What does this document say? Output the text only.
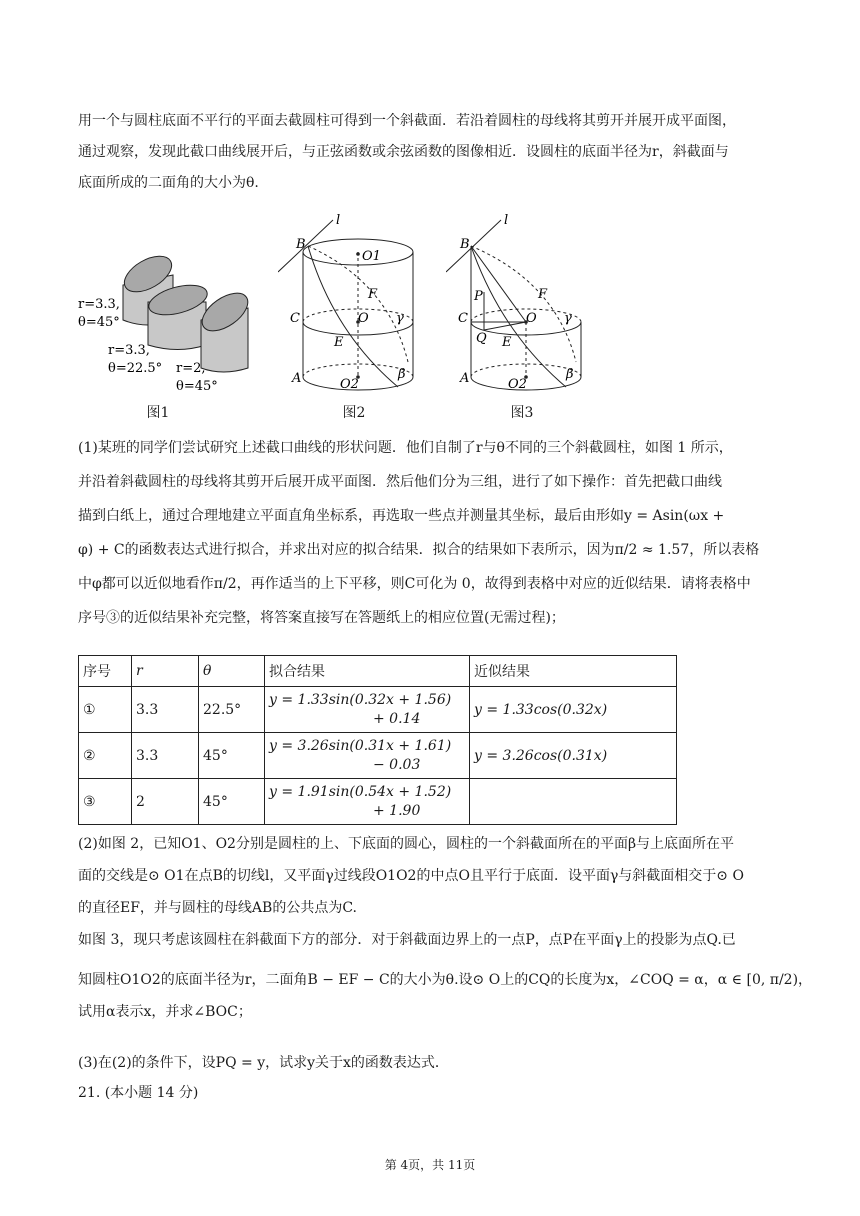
用一个与圆柱底面不平行的平面去截圆柱可得到一个斜截面．若沿着圆柱的母线将其剪开并展开成平面图，
通过观察，发现此截口曲线展开后，与正弦函数或余弦函数的图像相近．设圆柱的底面半径为r，斜截面与
底面所成的二面角的大小为θ.
r=3.3,
θ=45°
r=3.3,
θ=22.5° r=2,
θ=45°
图1
B
l
O1
F
C	O γ
E
A	O2
β
图2
B
l
P	F
C	O γ
Q E
A	O2
β
图3
(1)某班的同学们尝试研究上述截口曲线的形状问题．他们自制了r与θ不同的三个斜截圆柱，如图 1 所示，
并沿着斜截圆柱的母线将其剪开后展开成平面图．然后他们分为三组，进行了如下操作：首先把截口曲线
描到白纸上，通过合理地建立平面直角坐标系，再选取一些点并测量其坐标，最后由形如y = Asin(ωx +
φ) + C的函数表达式进行拟合，并求出对应的拟合结果．拟合的结果如下表所示，因为π/2 ≈ 1.57，所以表格
中φ都可以近似地看作π/2，再作适当的上下平移，则C可化为 0，故得到表格中对应的近似结果．请将表格中
序号③的近似结果补充完整，将答案直接写在答题纸上的相应位置(无需过程)；
序号	r	θ	拟合结果	近似结果
①	3.3	22.5°	y = 1.33sin(0.32x + 1.56)
+ 0.14	y = 1.33cos(0.32x)
②	3.3	45°	y = 3.26sin(0.31x + 1.61)
− 0.03	y = 3.26cos(0.31x)
③	2	45°	y = 1.91sin(0.54x + 1.52)
+ 1.90	

(2)如图 2，已知O1、O2分别是圆柱的上、下底面的圆心，圆柱的一个斜截面所在的平面β与上底面所在平
面的交线是⊙ O1在点B的切线l，又平面γ过线段O1O2的中点O且平行于底面．设平面γ与斜截面相交于⊙ O
的直径EF，并与圆柱的母线AB的公共点为C.
如图 3，现只考虑该圆柱在斜截面下方的部分．对于斜截面边界上的一点P，点P在平面γ上的投影为点Q.已
知圆柱O1O2的底面半径为r，二面角B − EF − C的大小为θ.设⊙ O上的CQ的长度为x，∠COQ = α，α ∈ [0, π/2)，
试用α表示x，并求∠BOC；
(3)在(2)的条件下，设PQ = y，试求y关于x的函数表达式．
21. (本小题 14 分)
第 4页，共 11页
